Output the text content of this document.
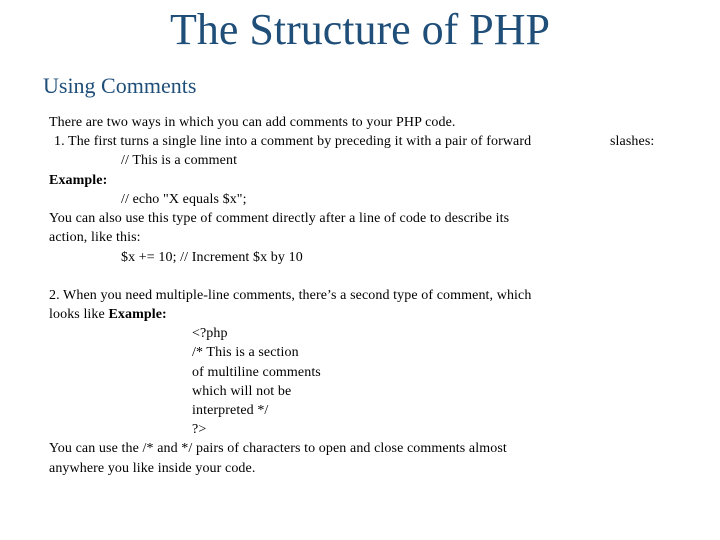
The Structure of PHP
Using Comments
There are two ways in which you can add comments to your PHP code.
1. The first turns a single line into a comment by preceding it with a pair of forward	slashes:
// This is a comment
Example:
// echo "X equals $x";
You can also use this type of comment directly after a line of code to describe its
action, like this:
$x += 10; // Increment $x by 10
2. When you need multiple-line comments, there’s a second type of comment, which
looks like Example:
<?php
/* This is a section
of multiline comments
which will not be
interpreted */
?>
You can use the /* and */ pairs of characters to open and close comments almost
anywhere you like inside your code.
